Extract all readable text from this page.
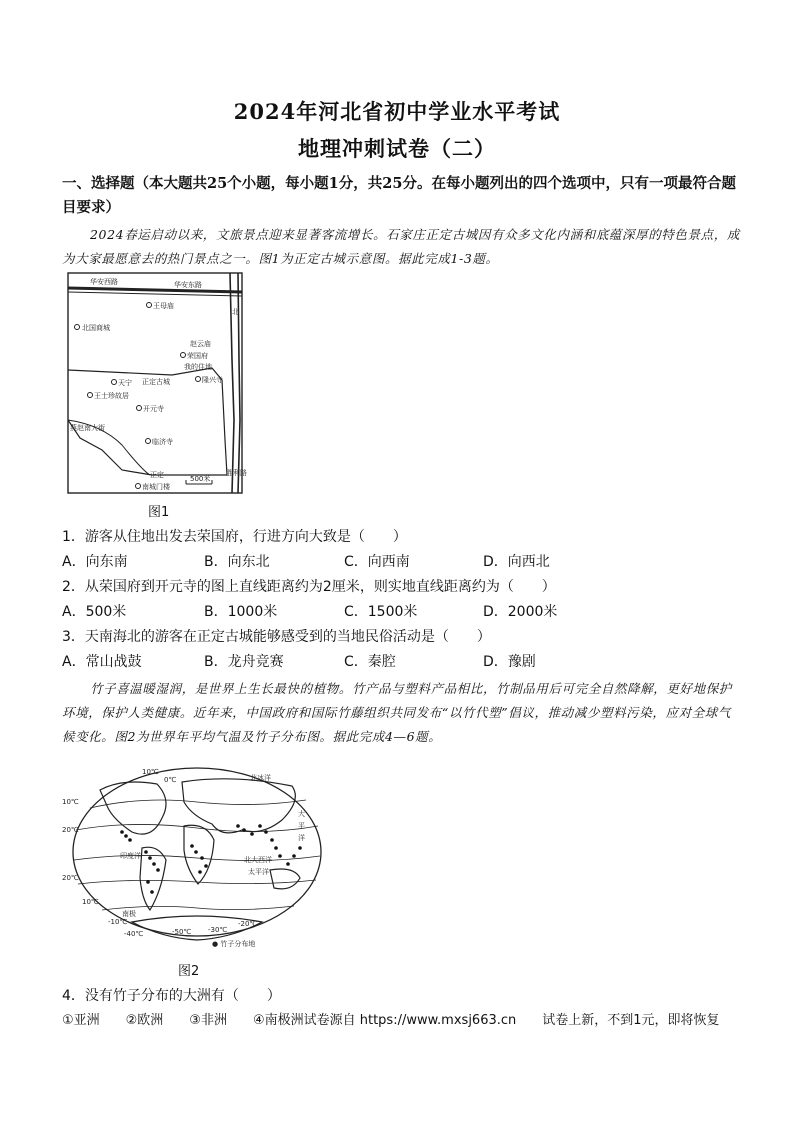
2024年河北省初中学业水平考试
地理冲刺试卷（二）
一、选择题（本大题共25个小题，每小题1分，共25分。在每小题列出的四个选项中，只有一项最符合题目要求）
2024春运启动以来，文旅景点迎来显著客流增长。石家庄正定古城因有众多文化内涵和底蕴深厚的特色景点，成为大家最愿意去的热门景点之一。图1为正定古城示意图。据此完成1-3题。
华安西路	华安东路
北
王母庙
北国商城
赵云庙
荣国府
我的住地
隆兴寺
天宁 正定古城
王士珍故居
开元寺
临济寺
正定
南城门楼
500米
燕赵南大街
胜利路
图1
1．游客从住地出发去荣国府，行进方向大致是（　　）
A．向东南	B．向东北	C．向西南	D．向西北
2．从荣国府到开元寺的图上直线距离约为2厘米，则实地直线距离约为（　　）
A．500米	B．1000米	C．1500米	D．2000米
3．天南海北的游客在正定古城能够感受到的当地民俗活动是（　　）
A．常山战鼓	B．龙舟竞赛	C．秦腔	D．豫剧
竹子喜温暖湿润，是世界上生长最快的植物。竹产品与塑料产品相比，竹制品用后可完全自然降解，更好地保护环境，保护人类健康。近年来，中国政府和国际竹藤组织共同发布“以竹代塑”倡议，推动减少塑料污染，应对全球气候变化。图2为世界年平均气温及竹子分布图。据此完成4—6题。
10℃
0℃
10℃
20℃
20℃
10℃
-10℃
-40℃	-50℃ -30℃
-20℃
北冰洋
北大西洋
太平洋
印度洋
大
平
洋
南极
● 竹子分布地
图2
4．没有竹子分布的大洲有（　　）
①亚洲　　②欧洲　　③非洲　　④南极洲试卷源自 https://www.mxsj663.cn　　试卷上新，不到1元，即将恢复
